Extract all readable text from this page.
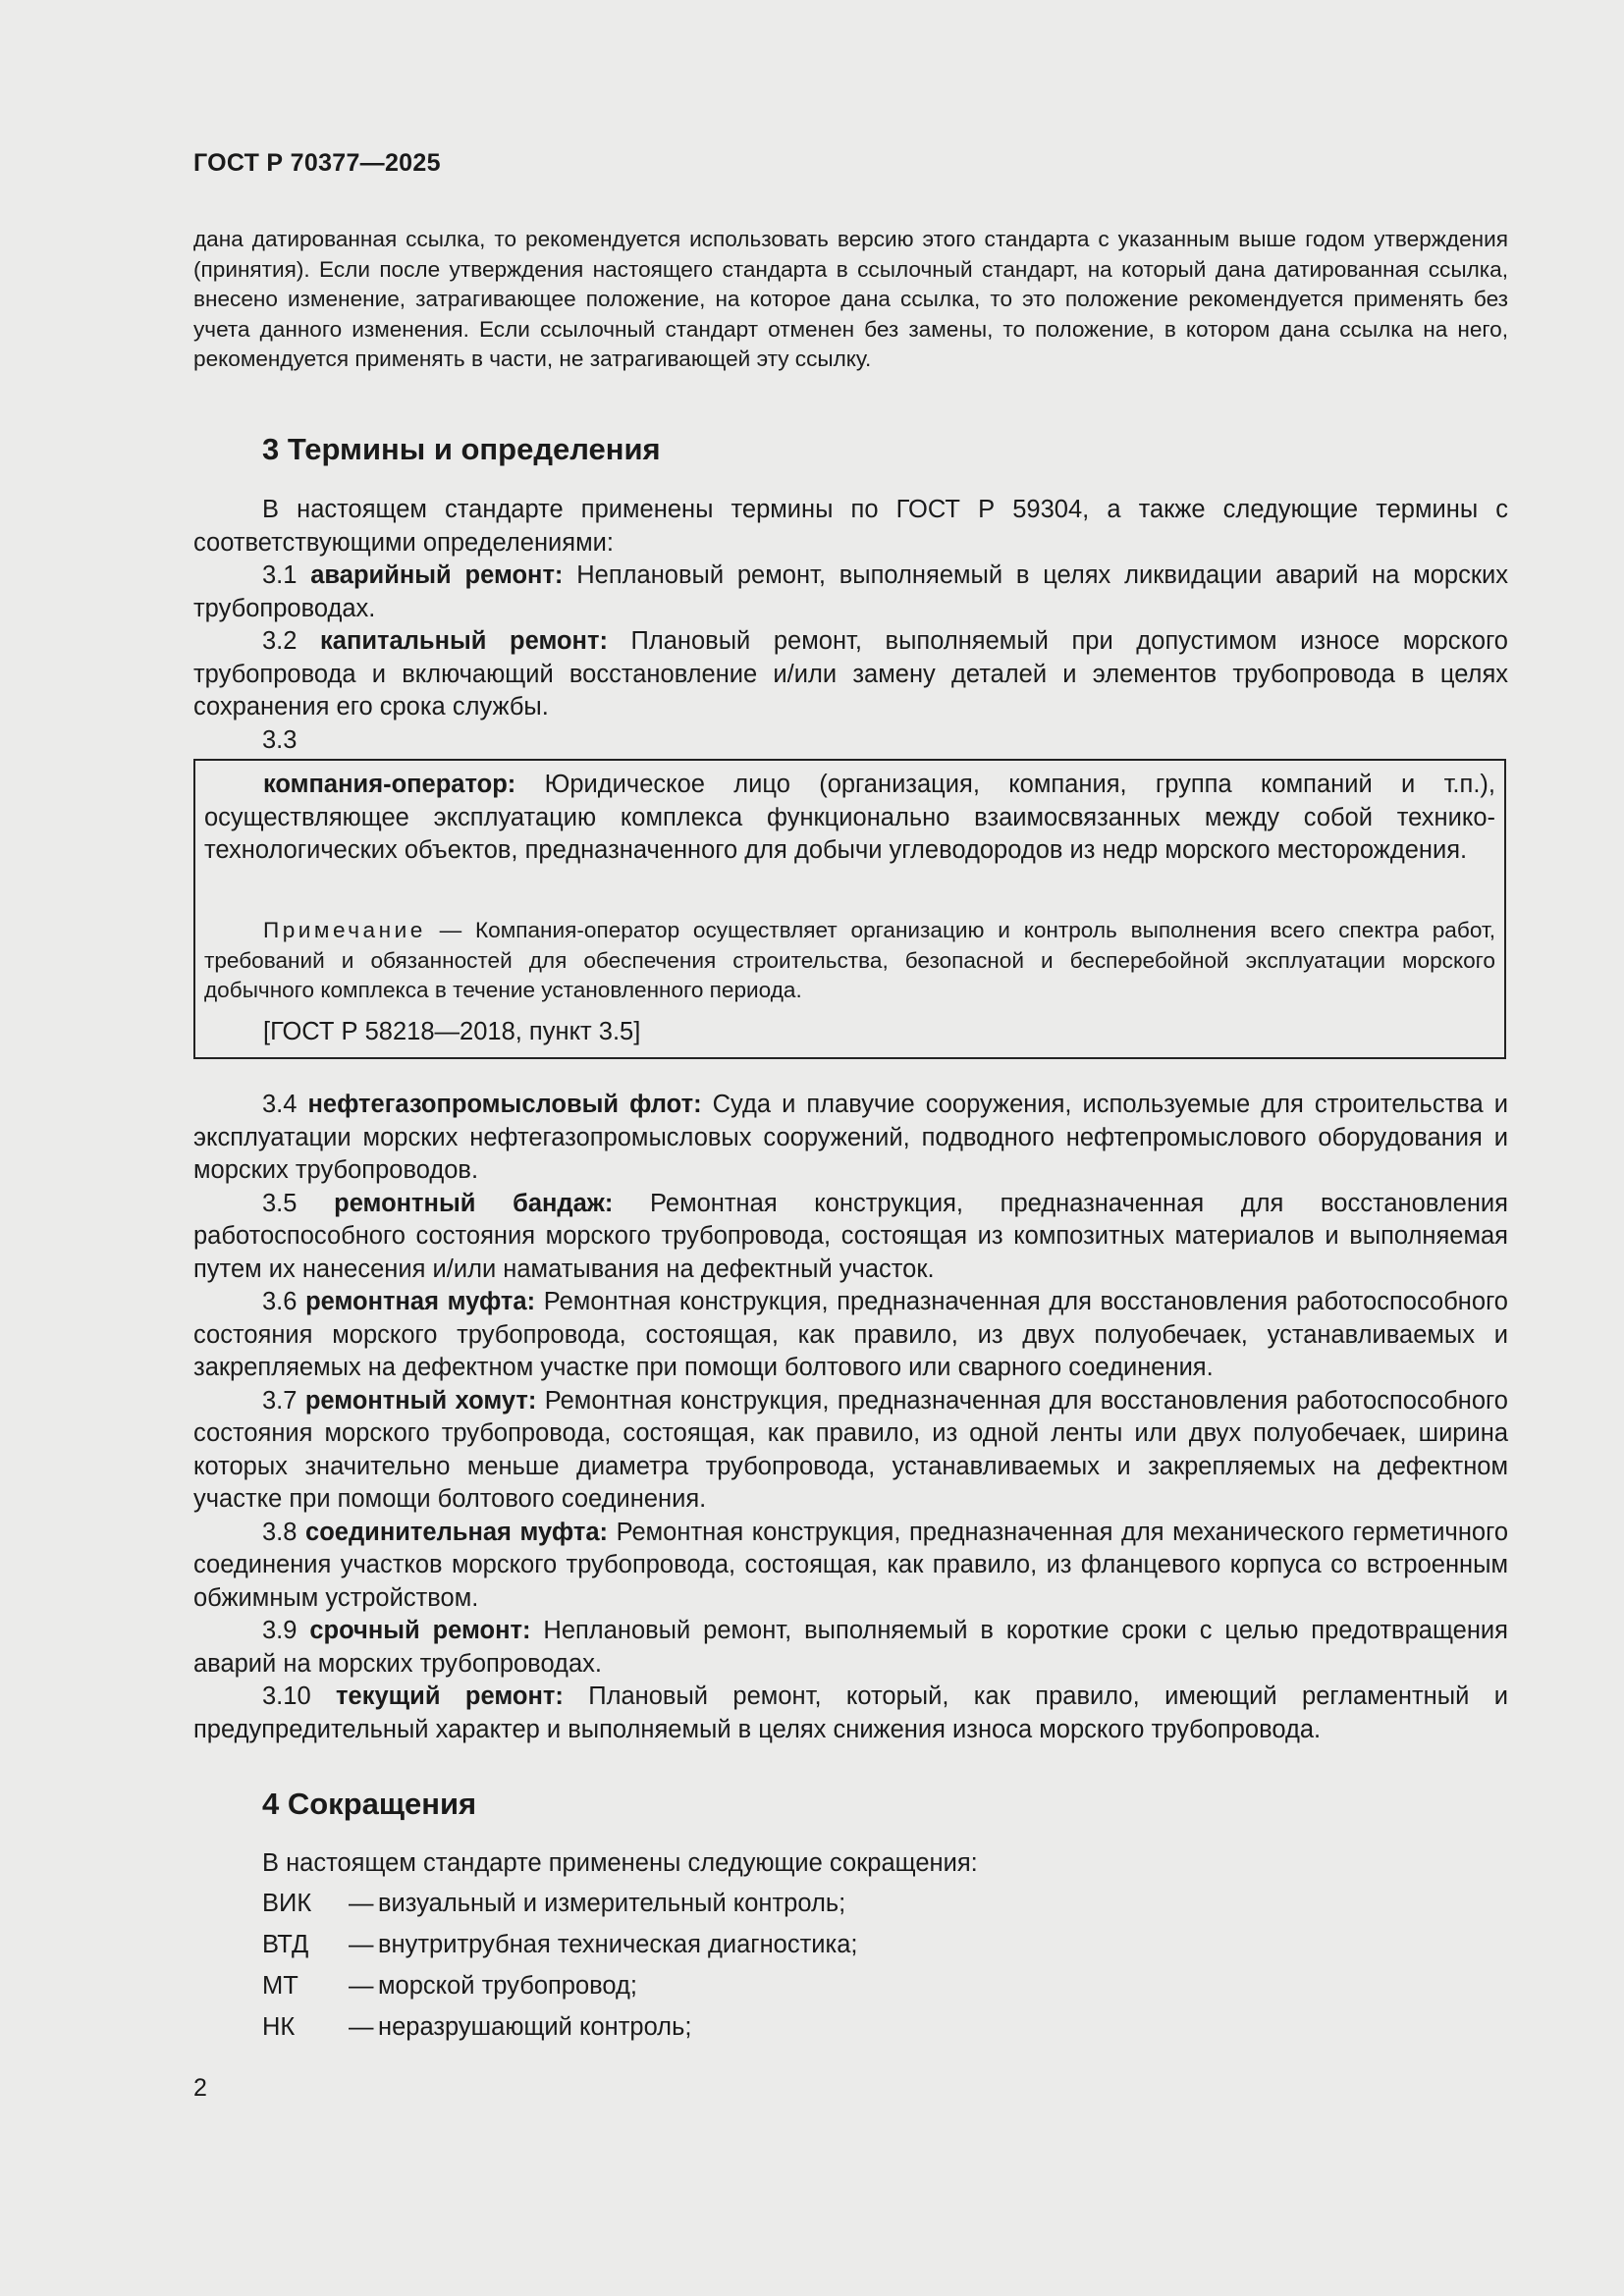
ГОСТ Р 70377—2025
дана датированная ссылка, то рекомендуется использовать версию этого стандарта с указанным выше годом утверждения (принятия). Если после утверждения настоящего стандарта в ссылочный стандарт, на который дана датированная ссылка, внесено изменение, затрагивающее положение, на которое дана ссылка, то это положение рекомендуется применять без учета данного изменения. Если ссылочный стандарт отменен без замены, то положение, в котором дана ссылка на него, рекомендуется применять в части, не затрагивающей эту ссылку.
3 Термины и определения

В настоящем стандарте применены термины по ГОСТ Р 59304, а также следующие термины с соответствующими определениями:

3.1 аварийный ремонт: Неплановый ремонт, выполняемый в целях ликвидации аварий на морских трубопроводах.

3.2 капитальный ремонт: Плановый ремонт, выполняемый при допустимом износе морского трубопровода и включающий восстановление и/или замену деталей и элементов трубопровода в целях сохранения его срока службы.

3.3

компания-оператор: Юридическое лицо (организация, компания, группа компаний и т.п.), осуществляющее эксплуатацию комплекса функционально взаимосвязанных между собой технико-технологических объектов, предназначенного для добычи углеводородов из недр морского месторождения.

Примечание — Компания-оператор осуществляет организацию и контроль выполнения всего спектра работ, требований и обязанностей для обеспечения строительства, безопасной и бесперебойной эксплуатации морского добычного комплекса в течение установленного периода.

[ГОСТ Р 58218—2018, пункт 3.5]

3.4 нефтегазопромысловый флот: Суда и плавучие сооружения, используемые для строительства и эксплуатации морских нефтегазопромысловых сооружений, подводного нефтепромыслового оборудования и морских трубопроводов.

3.5 ремонтный бандаж: Ремонтная конструкция, предназначенная для восстановления работоспособного состояния морского трубопровода, состоящая из композитных материалов и выполняемая путем их нанесения и/или наматывания на дефектный участок.

3.6 ремонтная муфта: Ремонтная конструкция, предназначенная для восстановления работоспособного состояния морского трубопровода, состоящая, как правило, из двух полуобечаек, устанавливаемых и закрепляемых на дефектном участке при помощи болтового или сварного соединения.

3.7 ремонтный хомут: Ремонтная конструкция, предназначенная для восстановления работоспособного состояния морского трубопровода, состоящая, как правило, из одной ленты или двух полуобечаек, ширина которых значительно меньше диаметра трубопровода, устанавливаемых и закрепляемых на дефектном участке при помощи болтового соединения.

3.8 соединительная муфта: Ремонтная конструкция, предназначенная для механического герметичного соединения участков морского трубопровода, состоящая, как правило, из фланцевого корпуса со встроенным обжимным устройством.

3.9 срочный ремонт: Неплановый ремонт, выполняемый в короткие сроки с целью предотвращения аварий на морских трубопроводах.

3.10 текущий ремонт: Плановый ремонт, который, как правило, имеющий регламентный и предупредительный характер и выполняемый в целях снижения износа морского трубопровода.

4 Сокращения
В настоящем стандарте применены следующие сокращения:
ВИК	— визуальный и измерительный контроль;
ВТД	— внутритрубная техническая диагностика;
МТ	— морской трубопровод;
НК	— неразрушающий контроль;
2
